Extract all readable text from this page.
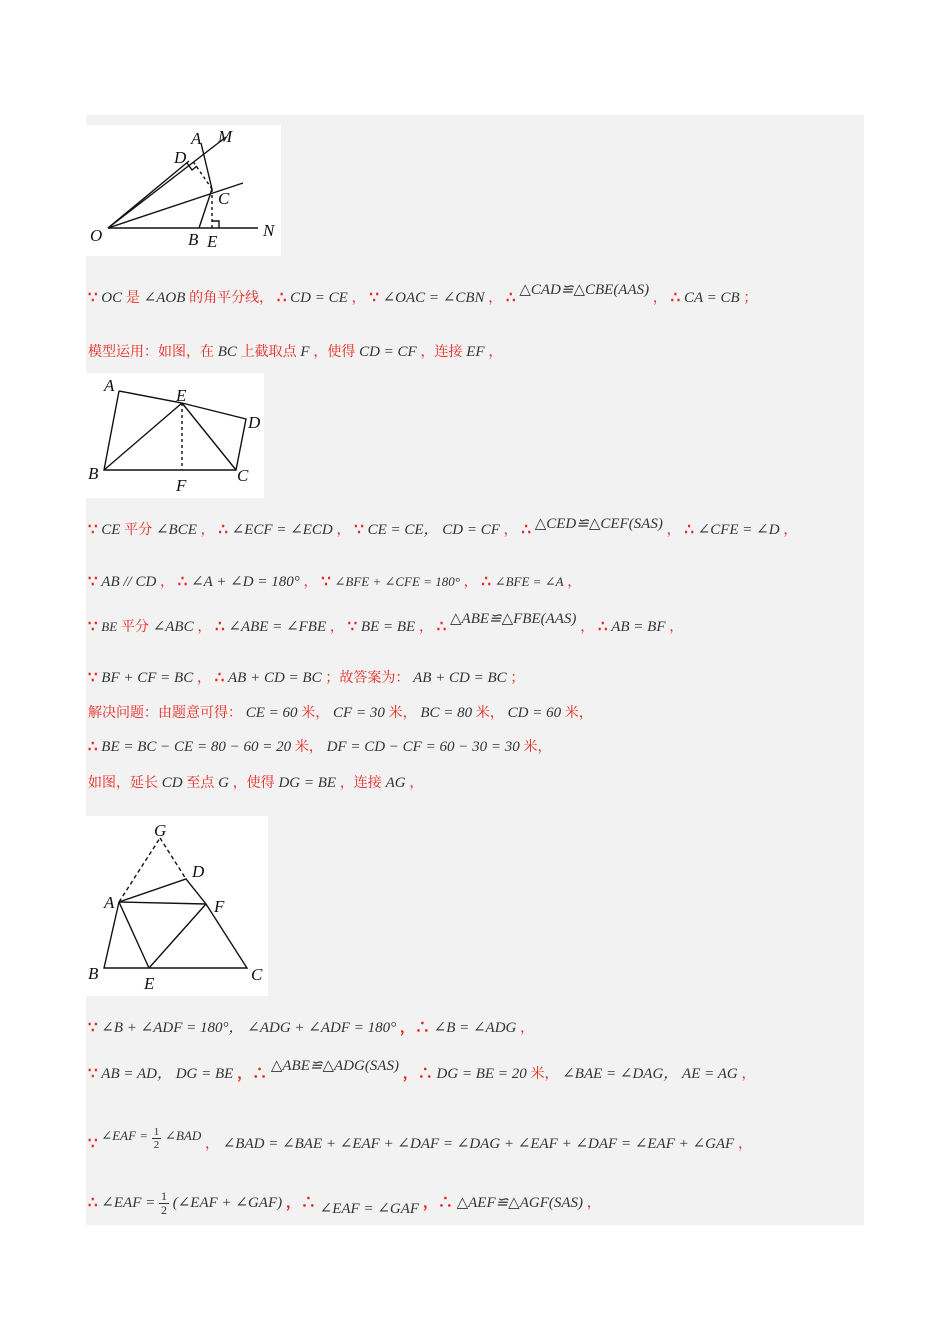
A M
D
C
O	B E
N
∵ OC 是 ∠AOB 的角平分线， ∴ CD = CE ， ∵ ∠OAC = ∠CBN ， ∴ △CAD≌△CBE(AAS) ， ∴ CA = CB ；
模型运用：如图，在 BC 上截取点 F ，使得 CD = CF ，连接 EF ，
A
E
D
B
F
C
∵ CE 平分 ∠BCE ， ∴ ∠ECF = ∠ECD ， ∵ CE = CE， CD = CF ， ∴ △CED≌△CEF(SAS) ， ∴ ∠CFE = ∠D ，
∵ AB // CD ， ∴ ∠A + ∠D = 180° ， ∵ ∠BFE + ∠CFE = 180° ， ∴ ∠BFE = ∠A ，
∵ BE 平分 ∠ABC ， ∴ ∠ABE = ∠FBE ， ∵ BE = BE ， ∴ △ABE≌△FBE(AAS) ， ∴ AB = BF ，
∵ BF + CF = BC ， ∴ AB + CD = BC ；故答案为： AB + CD = BC ；
解决问题：由题意可得： CE = 60 米， CF = 30 米， BC = 80 米， CD = 60 米，
∴ BE = BC − CE = 80 − 60 = 20 米， DF = CD − CF = 60 − 30 = 30 米，
如图，延长 CD 至点 G ，使得 DG = BE ，连接 AG ，
G
D
A	F
B
E	C
∵ ∠B + ∠ADF = 180°， ∠ADG + ∠ADF = 180° ，∴ ∠B = ∠ADG ，
∵ AB = AD， DG = BE ，∴ △ABE≌△ADG(SAS) ，∴ DG = BE = 20 米， ∠BAE = ∠DAG， AE = AG ，
∵ ∠EAF = $\frac{1}{2}$ ∠BAD ， ∠BAD = ∠BAE + ∠EAF + ∠DAF = ∠DAG + ∠EAF + ∠DAF = ∠EAF + ∠GAF ，
∴ ∠EAF = $\frac{1}{2}$ (∠EAF + ∠GAF) ，∴ ∠EAF = ∠GAF ，∴ △AEF≌△AGF(SAS) ，
